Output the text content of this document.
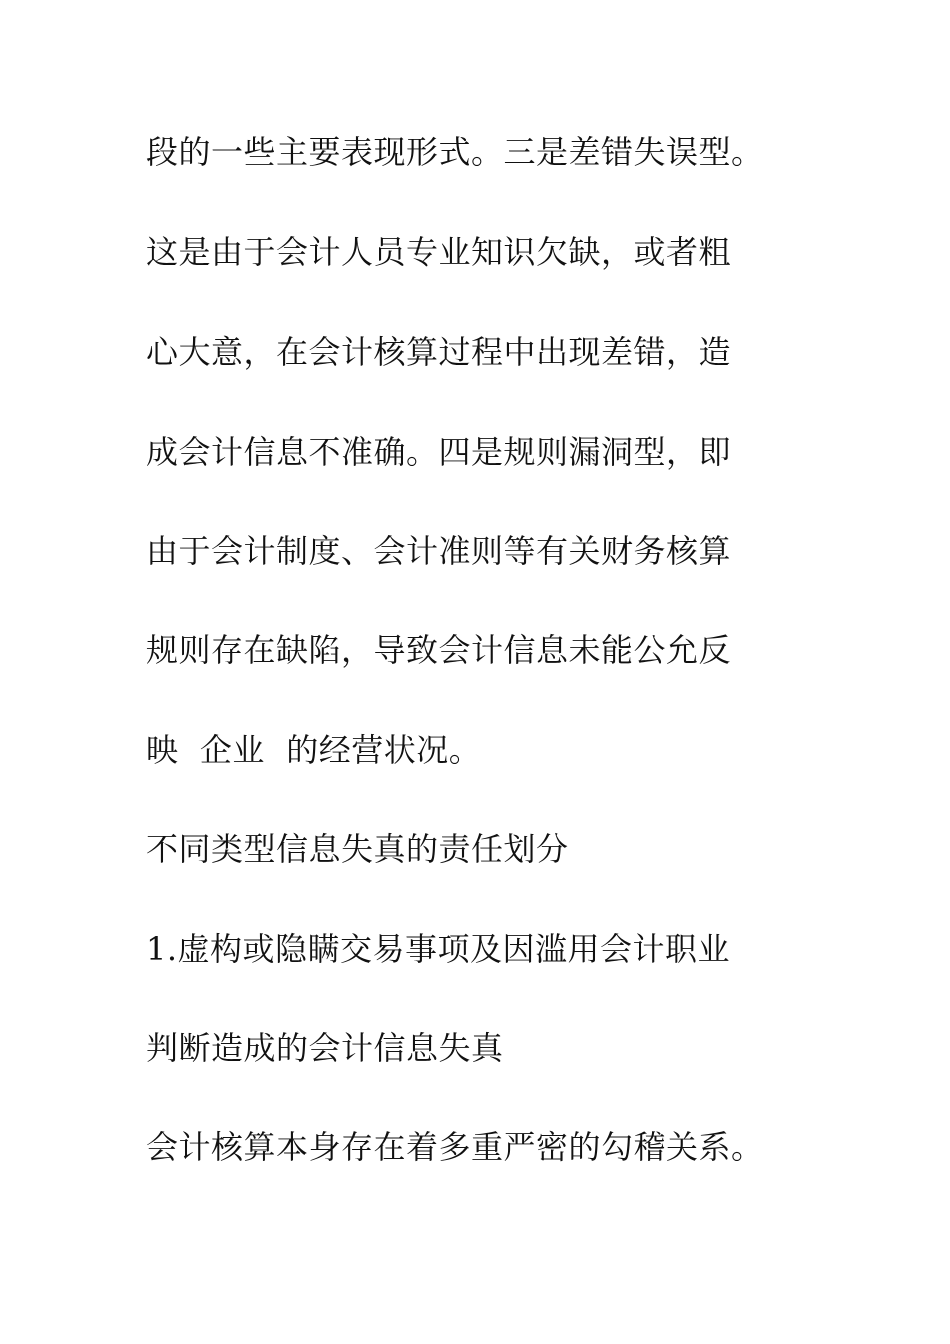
段的一些主要表现形式。三是差错失误型。
这是由于会计人员专业知识欠缺，或者粗
心大意，在会计核算过程中出现差错，造
成会计信息不准确。四是规则漏洞型，即
由于会计制度、会计准则等有关财务核算
规则存在缺陷，导致会计信息未能公允反
映  企业  的经营状况。
不同类型信息失真的责任划分
1.虚构或隐瞒交易事项及因滥用会计职业
判断造成的会计信息失真
会计核算本身存在着多重严密的勾稽关系。
